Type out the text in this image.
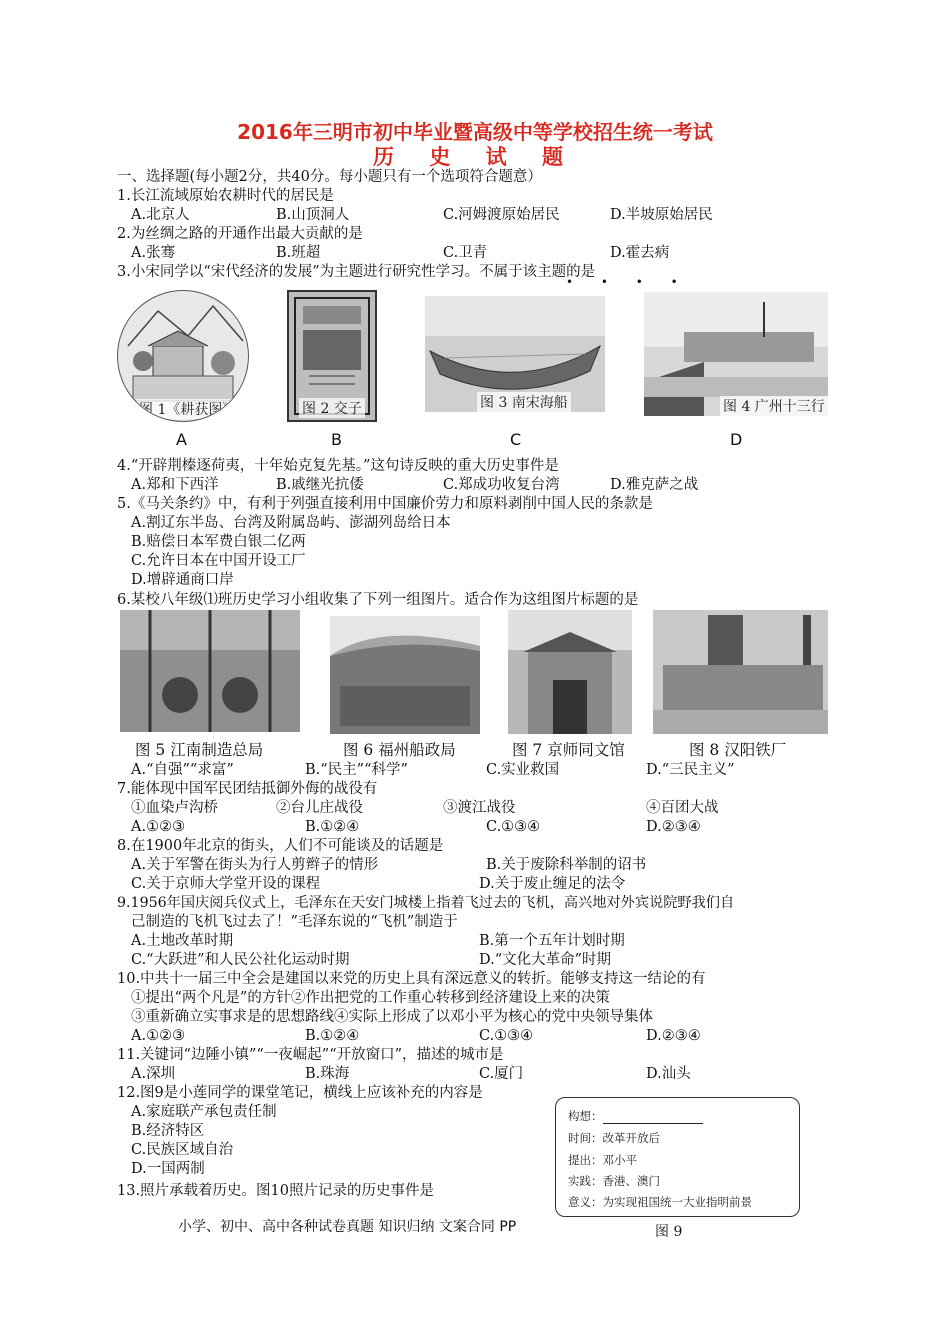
2016年三明市初中毕业暨高级中等学校招生统一考试
历 史 试 题
一、选择题(每小题2分，共40分。每小题只有一个选项符合题意）
1.长江流域原始农耕时代的居民是
A.北京人	B.山顶洞人	C.河姆渡原始居民	D.半坡原始居民
2.为丝绸之路的开通作出最大贡献的是
A.张骞	B.班超	C.卫青	D.霍去病
3.小宋同学以“宋代经济的发展”为主题进行研究性学习。不属于该主题的是
• • • •
图 1《耕获图》	图 2 交子	图 3 南宋海船	图 4 广州十三行
A	B	C	D
4.“开辟荆榛逐荷夷，十年始克复先基。”这句诗反映的重大历史事件是
A.郑和下西洋	B.戚继光抗倭	C.郑成功收复台湾	D.雅克萨之战
5.《马关条约》中，有利于列强直接利用中国廉价劳力和原料剥削中国人民的条款是
A.割辽东半岛、台湾及附属岛屿、澎湖列岛给日本
B.赔偿日本军费白银二亿两
C.允许日本在中国开设工厂
D.增辟通商口岸
6.某校八年级⑴班历史学习小组收集了下列一组图片。适合作为这组图片标题的是
图 5 江南制造总局	图 6 福州船政局	图 7 京师同文馆	图 8 汉阳铁厂
A.“自强”“求富”	B.“民主”“科学”	C.实业救国	D.“三民主义”
7.能体现中国军民团结抵御外侮的战役有
①血染卢沟桥	②台儿庄战役	③渡江战役	④百团大战
A.①②③	B.①②④	C.①③④	D.②③④
8.在1900年北京的街头，人们不可能谈及的话题是
A.关于军警在街头为行人剪辫子的情形	B.关于废除科举制的诏书
C.关于京师大学堂开设的课程	D.关于废止缠足的法令
9.1956年国庆阅兵仪式上，毛泽东在天安门城楼上指着飞过去的飞机，高兴地对外宾说院野我们自
己制造的飞机飞过去了！”毛泽东说的“飞机”制造于
A.土地改革时期	B.第一个五年计划时期
C.“大跃进”和人民公社化运动时期	D.“文化大革命”时期
10.中共十一届三中全会是建国以来党的历史上具有深远意义的转折。能够支持这一结论的有
①提出“两个凡是”的方针②作出把党的工作重心转移到经济建设上来的决策
③重新确立实事求是的思想路线④实际上形成了以邓小平为核心的党中央领导集体
A.①②③	B.①②④	C.①③④	D.②③④
11.关键词“边陲小镇”“一夜崛起”“开放窗口”，描述的城市是
A.深圳	B.珠海	C.厦门	D.汕头
12.图9是小莲同学的课堂笔记，横线上应该补充的内容是
A.家庭联产承包责任制
B.经济特区
C.民族区域自治
D.一国两制
构想：
时间：改革开放后
提出：邓小平
实践：香港、澳门
意义：为实现祖国统一大业指明前景
图 9
13.照片承载着历史。图10照片记录的历史事件是
小学、初中、高中各种试卷真题 知识归纳 文案合同 PP
